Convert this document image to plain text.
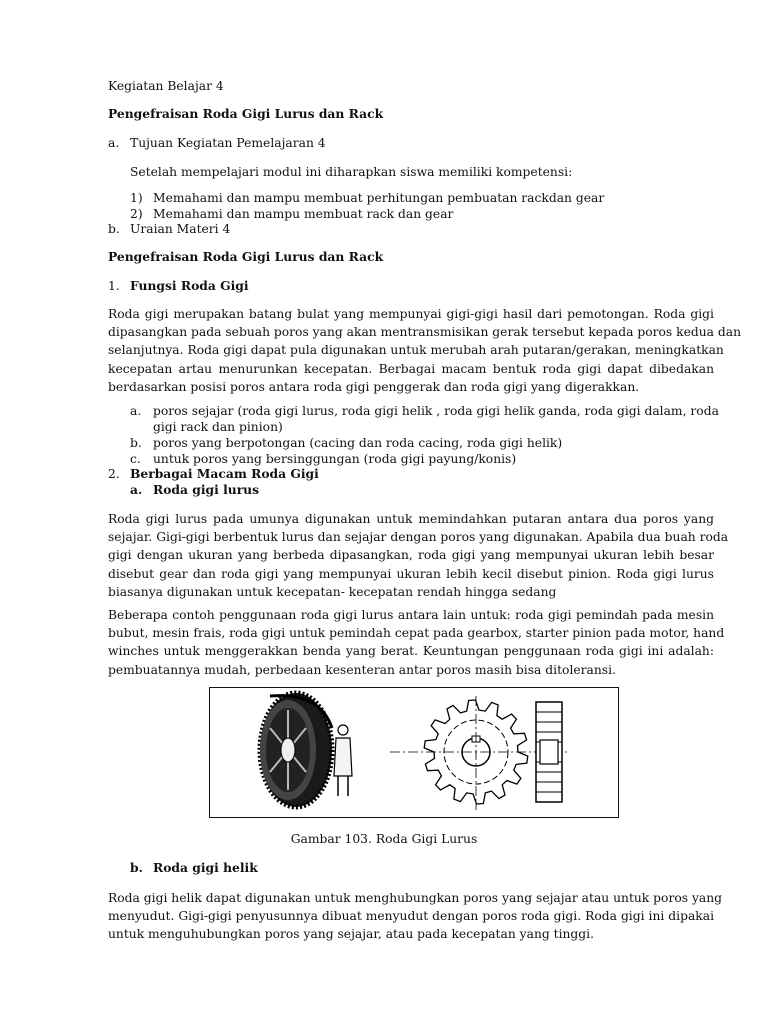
Kegiatan Belajar 4
Pengefraisan Roda Gigi Lurus dan Rack
a. Tujuan Kegiatan Pemelajaran 4
Setelah mempelajari modul ini diharapkan siswa memiliki kompetensi:
1) Memahami dan mampu membuat perhitungan pembuatan rackdan gear
2) Memahami dan mampu membuat rack dan gear
b. Uraian Materi 4
Pengefraisan Roda Gigi Lurus dan Rack
1. Fungsi Roda Gigi
Roda gigi merupakan batang bulat yang mempunyai gigi-gigi hasil dari pemotongan. Roda gigi
dipasangkan pada sebuah poros yang akan mentransmisikan gerak tersebut kepada poros kedua dan
selanjutnya. Roda gigi dapat pula digunakan untuk merubah arah putaran/gerakan, meningkatkan
kecepatan artau menurunkan kecepatan. Berbagai macam bentuk roda gigi dapat dibedakan
berdasarkan posisi poros antara roda gigi penggerak dan roda gigi yang digerakkan.
a. poros sejajar (roda gigi lurus, roda gigi helik , roda gigi helik ganda, roda gigi dalam, roda
gigi rack dan pinion)
b. poros yang berpotongan (cacing dan roda cacing, roda gigi helik)
c. untuk poros yang bersinggungan (roda gigi payung/konis)
2. Berbagai Macam Roda Gigi
a. Roda gigi lurus
Roda gigi lurus pada umunya digunakan untuk memindahkan putaran antara dua poros yang
sejajar. Gigi-gigi berbentuk lurus dan sejajar dengan poros yang digunakan. Apabila dua buah roda
gigi dengan ukuran yang berbeda dipasangkan, roda gigi yang mempunyai ukuran lebih besar
disebut gear dan roda gigi yang mempunyai ukuran lebih kecil disebut pinion. Roda gigi lurus
biasanya digunakan untuk kecepatan- kecepatan rendah hingga sedang
Beberapa contoh penggunaan roda gigi lurus antara lain untuk: roda gigi pemindah pada mesin
bubut, mesin frais, roda gigi untuk pemindah cepat pada gearbox, starter pinion pada motor, hand
winches untuk menggerakkan benda yang berat. Keuntungan penggunaan roda gigi ini adalah:
pembuatannya mudah, perbedaan kesenteran antar poros masih bisa ditoleransi.
Gambar 103. Roda Gigi Lurus
b. Roda gigi helik
Roda gigi helik dapat digunakan untuk menghubungkan poros yang sejajar atau untuk poros yang
menyudut. Gigi-gigi penyusunnya dibuat menyudut dengan poros roda gigi. Roda gigi ini dipakai
untuk menguhubungkan poros yang sejajar, atau pada kecepatan yang tinggi.
